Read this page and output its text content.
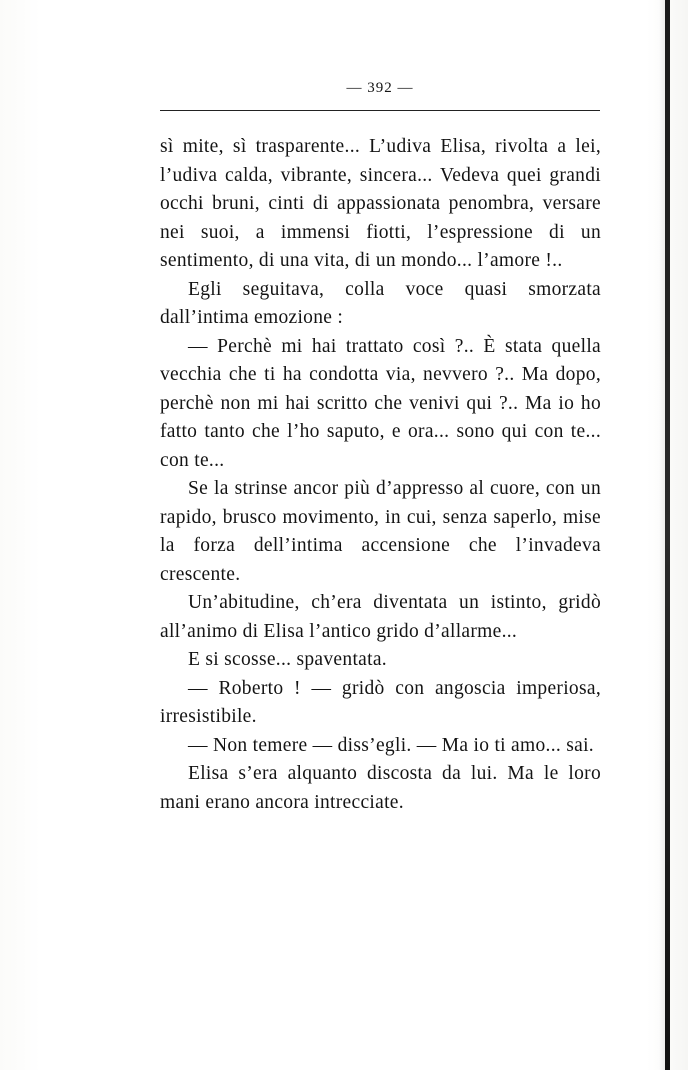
— 392 —

sì mite, sì trasparente... L’udiva Elisa, rivolta a lei, l’udiva calda, vibrante, sincera... Vedeva quei grandi occhi bruni, cinti di appassionata penombra, versare nei suoi, a immensi fiotti, l’espressione di un sentimento, di una vita, di un mondo... l’amore !..

Egli seguitava, colla voce quasi smorzata dall’intima emozione :

— Perchè mi hai trattato così ?.. È stata quella vecchia che ti ha condotta via, nevvero ?.. Ma dopo, perchè non mi hai scritto che venivi qui ?.. Ma io ho fatto tanto che l’ho saputo, e ora... sono qui con te... con te...

Se la strinse ancor più d’appresso al cuore, con un rapido, brusco movimento, in cui, senza saperlo, mise la forza dell’intima accensione che l’invadeva crescente.

Un’abitudine, ch’era diventata un istinto, gridò all’animo di Elisa l’antico grido d’allarme...

E si scosse... spaventata.

— Roberto ! — gridò con angoscia imperiosa, irresistibile.

— Non temere — diss’egli. — Ma io ti amo... sai.

Elisa s’era alquanto discosta da lui. Ma le loro mani erano ancora intrecciate.
